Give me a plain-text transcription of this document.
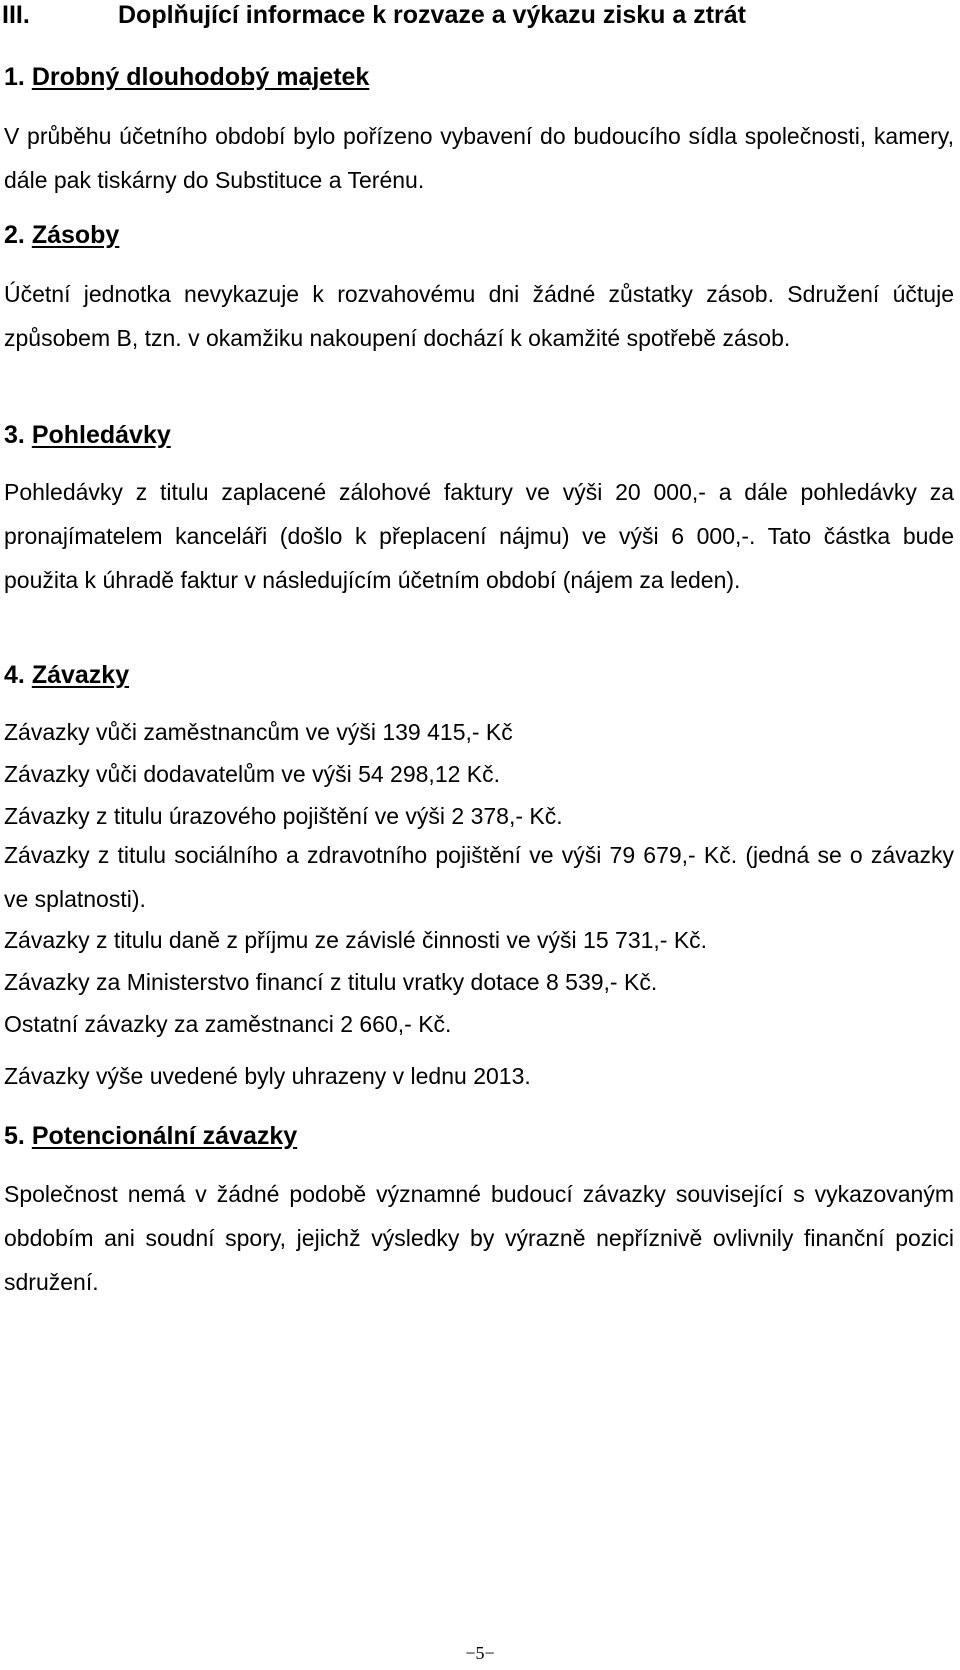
III.	Doplňující informace k rozvaze a výkazu zisku a ztrát
1. Drobný dlouhodobý majetek
V průběhu účetního období bylo pořízeno vybavení do budoucího sídla společnosti, kamery, dále pak tiskárny do Substituce a Terénu.
2. Zásoby
Účetní jednotka nevykazuje k rozvahovému dni žádné zůstatky zásob. Sdružení účtuje způsobem B, tzn. v okamžiku nakoupení dochází k okamžité spotřebě zásob.
3. Pohledávky
Pohledávky z titulu zaplacené zálohové faktury ve výši 20 000,- a dále pohledávky za pronajímatelem kanceláři (došlo k přeplacení nájmu) ve výši 6 000,-. Tato částka bude použita k úhradě faktur v následujícím účetním období (nájem za leden).
4. Závazky
Závazky vůči zaměstnancům ve výši 139 415,- Kč
Závazky vůči dodavatelům ve výši 54 298,12 Kč.
Závazky z titulu úrazového pojištění ve výši 2 378,- Kč.
Závazky z titulu sociálního a zdravotního pojištění ve výši 79 679,- Kč. (jedná se o závazky ve splatnosti).
Závazky z titulu daně z příjmu ze závislé činnosti ve výši 15 731,- Kč.
Závazky za Ministerstvo financí z titulu vratky dotace 8 539,- Kč.
Ostatní závazky za zaměstnanci 2 660,- Kč.
Závazky výše uvedené byly uhrazeny v lednu 2013.
5. Potencionální závazky
Společnost nemá v žádné podobě významné budoucí závazky související s vykazovaným obdobím ani soudní spory, jejichž výsledky by výrazně nepříznivě ovlivnily finanční pozici sdružení.
−5−
